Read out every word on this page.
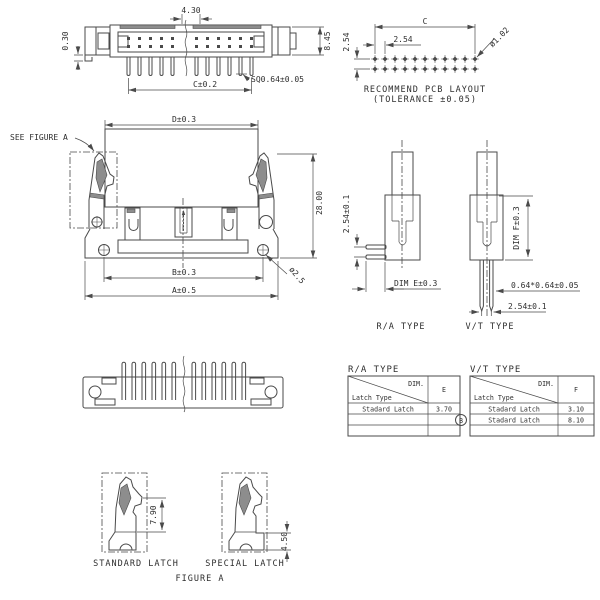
4.30
0.30	8.45
C±0.2
SQ0.64±0.05
C
2.54
2.54	ø1.02
RECOMMEND PCB LAYOUT
(TOLERANCE ±0.05)
SEE FIGURE A
D±0.3
28.00
B±0.3
A±0.5
ø2.5
2.54±0.1
DIM E±0.3
R/A TYPE
DIM F±0.3
0.64*0.64±0.05
2.54±0.1
V/T TYPE
R/A TYPE
DIM.
Latch Type
E
Stadard Latch	3.70
V/T TYPE
DIM.
Latch Type
F
Stadard Latch	3.10
Stadard Latch	8.10
B
7.90
STANDARD LATCH
4.50
SPECIAL LATCH
FIGURE A
